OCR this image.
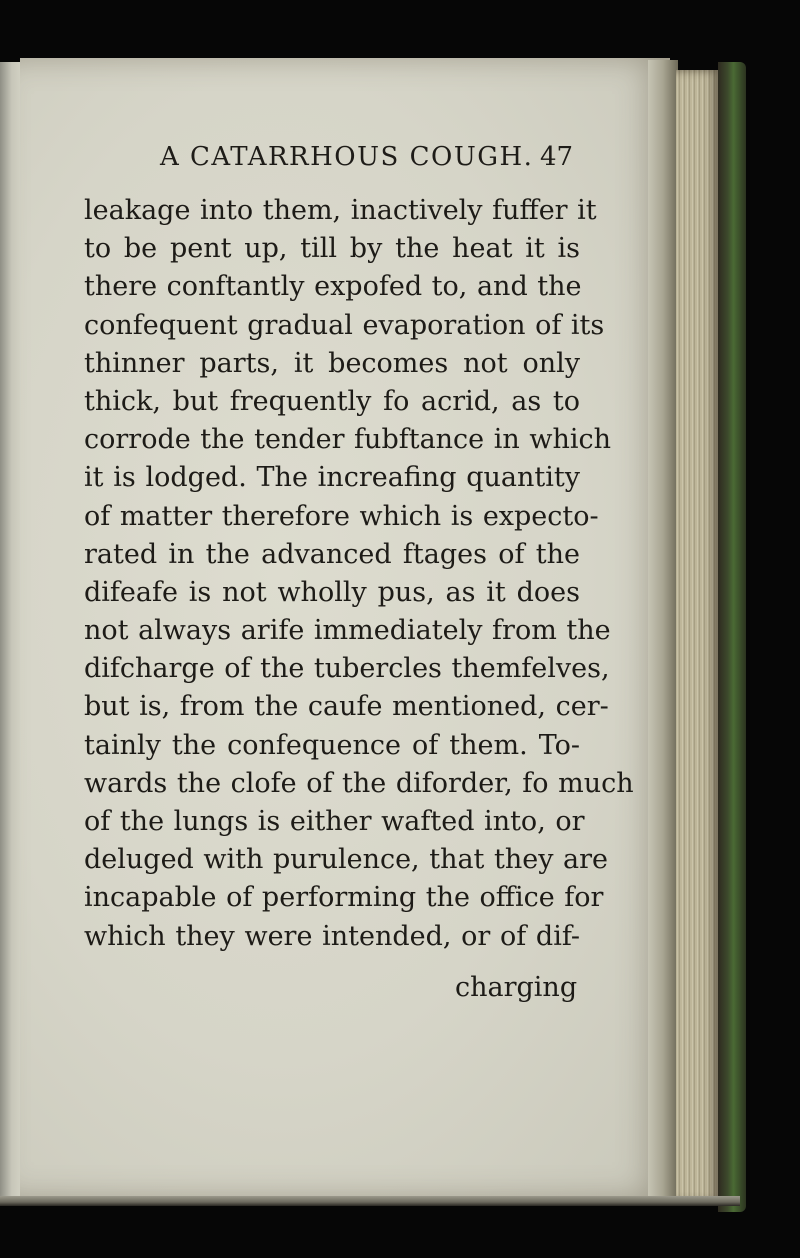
A CATARRHOUS COUGH. 47
leakage into them, inactively fuffer it
to be pent up, till by the heat it is
there conftantly expofed to, and the
confequent gradual evaporation of its
thinner parts, it becomes not only
thick, but frequently fo acrid, as to
corrode the tender fubftance in which
it is lodged. The increafing quantity
of matter therefore which is expecto-
rated in the advanced ftages of the
difeafe is not wholly pus, as it does
not always arife immediately from the
difcharge of the tubercles themfelves,
but is, from the caufe mentioned, cer-
tainly the confequence of them. To-
wards the clofe of the diforder, fo much
of the lungs is either wafted into, or
deluged with purulence, that they are
incapable of performing the office for
which they were intended, or of dif-
charging
